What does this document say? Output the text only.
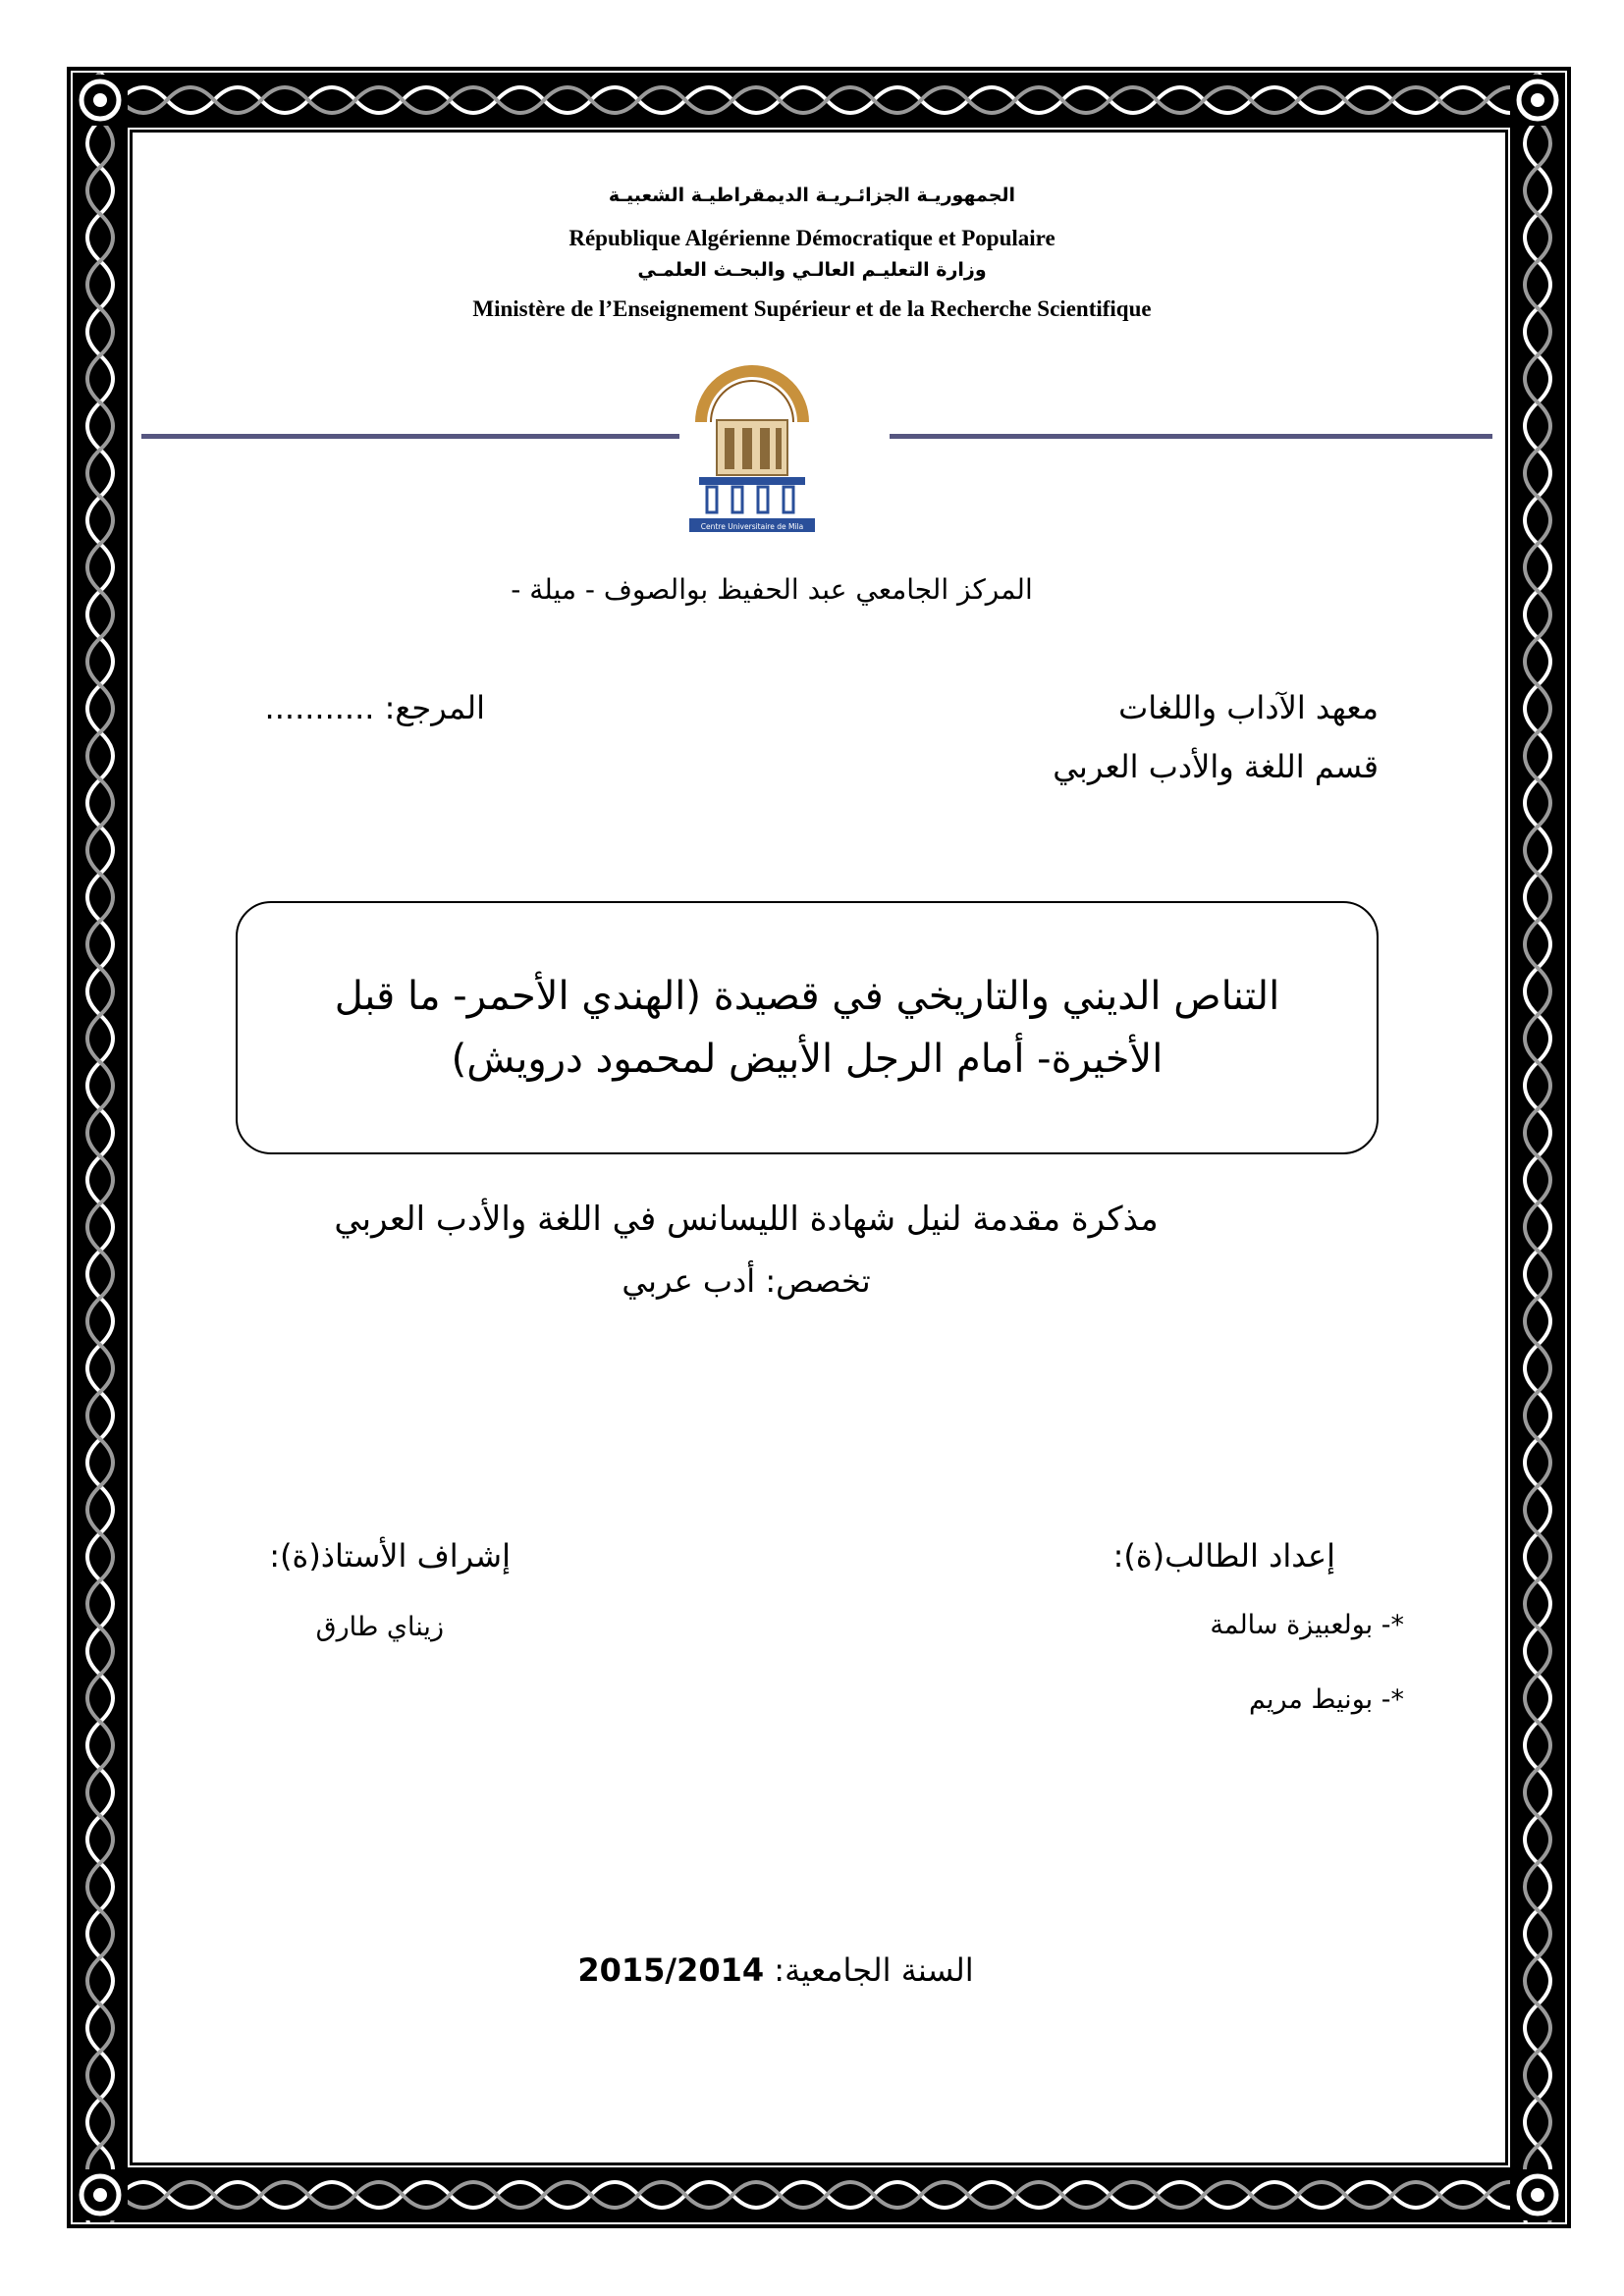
الجمهوريـة الجزائـريـة الديمقراطيـة الشعبيـة
République Algérienne Démocratique et Populaire
وزارة التعليـم العالـي والبحـث العلمـي
Ministère de l’Enseignement Supérieur et de la Recherche Scientifique
Centre Universitaire de Mila
المركز الجامعي عبد الحفيظ بوالصوف - ميلة -
معهد الآداب واللغات
قسم اللغة والأدب العربي
المرجع: ...........
التناص الديني والتاريخي في قصيدة (الهندي الأحمر- ما قبل
الأخيرة- أمام الرجل الأبيض لمحمود درويش)
مذكرة مقدمة لنيل شهادة الليسانس في اللغة والأدب العربي
تخصص: أدب عربي
إعداد الطالب(ة):
*- بولعبيزة سالمة
*- بونيط مريم
إشراف الأستاذ(ة):
زيناي طارق
السنة الجامعية: 2015/2014
